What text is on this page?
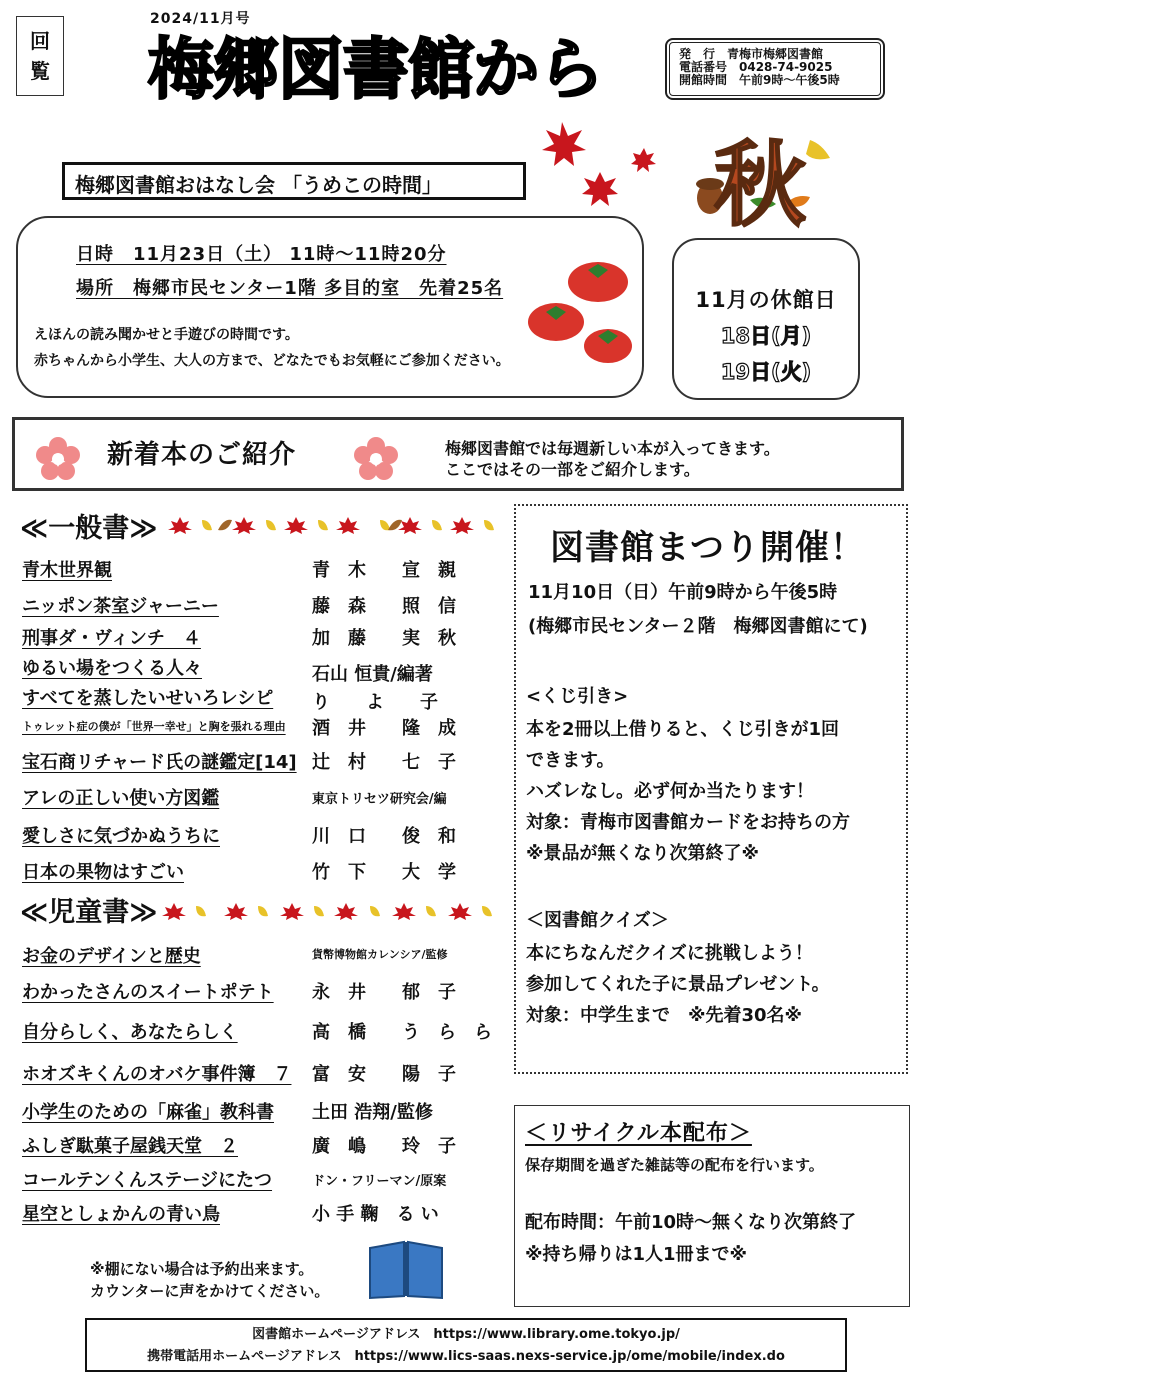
回
覧
2024/11月号
梅郷図書館から	発　行　青梅市梅郷図書館
電話番号　0428-74-9025
開館時間　午前9時～午後5時
秋
梅郷図書館おはなし会 「うめこの時間」
日時　11月23日（土） 11時～11時20分
場所　梅郷市民センター1階 多目的室　先着25名
えほんの読み聞かせと手遊びの時間です。
赤ちゃんから小学生、大人の方まで、どなたでもお気軽にご参加ください。
11月の休館日
18日(月)
19日(火)
新着本のご紹介	梅郷図書館では毎週新しい本が入ってきます。
ここではその一部をご紹介します。
≪一般書≫
青木世界観	青　木　　宣　親
ニッポン茶室ジャーニー	藤　森　　照　信
刑事ダ・ヴィンチ　４	加　藤　　実　秋
ゆるい場をつくる人々	石山 恒貴/編著
すべてを蒸したいせいろレシピ り　　よ　　子
トゥレット症の僕が「世界一幸せ」と胸を張れる理由 酒　井　　隆　成
宝石商リチャード氏の謎鑑定[14] 辻　村　　七　子
アレの正しい使い方図鑑	東京トリセツ研究会/編
愛しさに気づかぬうちに	川　口　　俊　和
日本の果物はすごい	竹　下　　大　学
≪児童書≫
お金のデザインと歴史	貨幣博物館カレンシア/監修
わかったさんのスイートポテト 永　井　　郁　子
自分らしく、あなたらしく	高　橋　　う　ら　ら
ホオズキくんのオバケ事件簿　７ 富　安　　陽　子
小学生のための「麻雀」教科書 土田 浩翔/監修
ふしぎ駄菓子屋銭天堂　２	廣　嶋　　玲　子
コールテンくんステージにたつ	ドン・フリーマン/原案
星空としょかんの青い鳥	小 手 鞠　る い
※棚にない場合は予約出来ます。
カウンターに声をかけてください。
図書館まつり開催！
11月10日（日）午前9時から午後5時
(梅郷市民センター２階　梅郷図書館にて)
<くじ引き>
本を2冊以上借りると、くじ引きが1回
できます。
ハズレなし。必ず何か当たります！
対象：青梅市図書館カードをお持ちの方
※景品が無くなり次第終了※
＜図書館クイズ＞
本にちなんだクイズに挑戦しよう！
参加してくれた子に景品プレゼント。
対象：中学生まで　※先着30名※
＜リサイクル本配布＞
保存期間を過ぎた雑誌等の配布を行います。
配布時間：午前10時～無くなり次第終了
※持ち帰りは1人1冊まで※
図書館ホームページアドレス　https://www.library.ome.tokyo.jp/
携帯電話用ホームページアドレス　https://www.lics-saas.nexs-service.jp/ome/mobile/index.do
